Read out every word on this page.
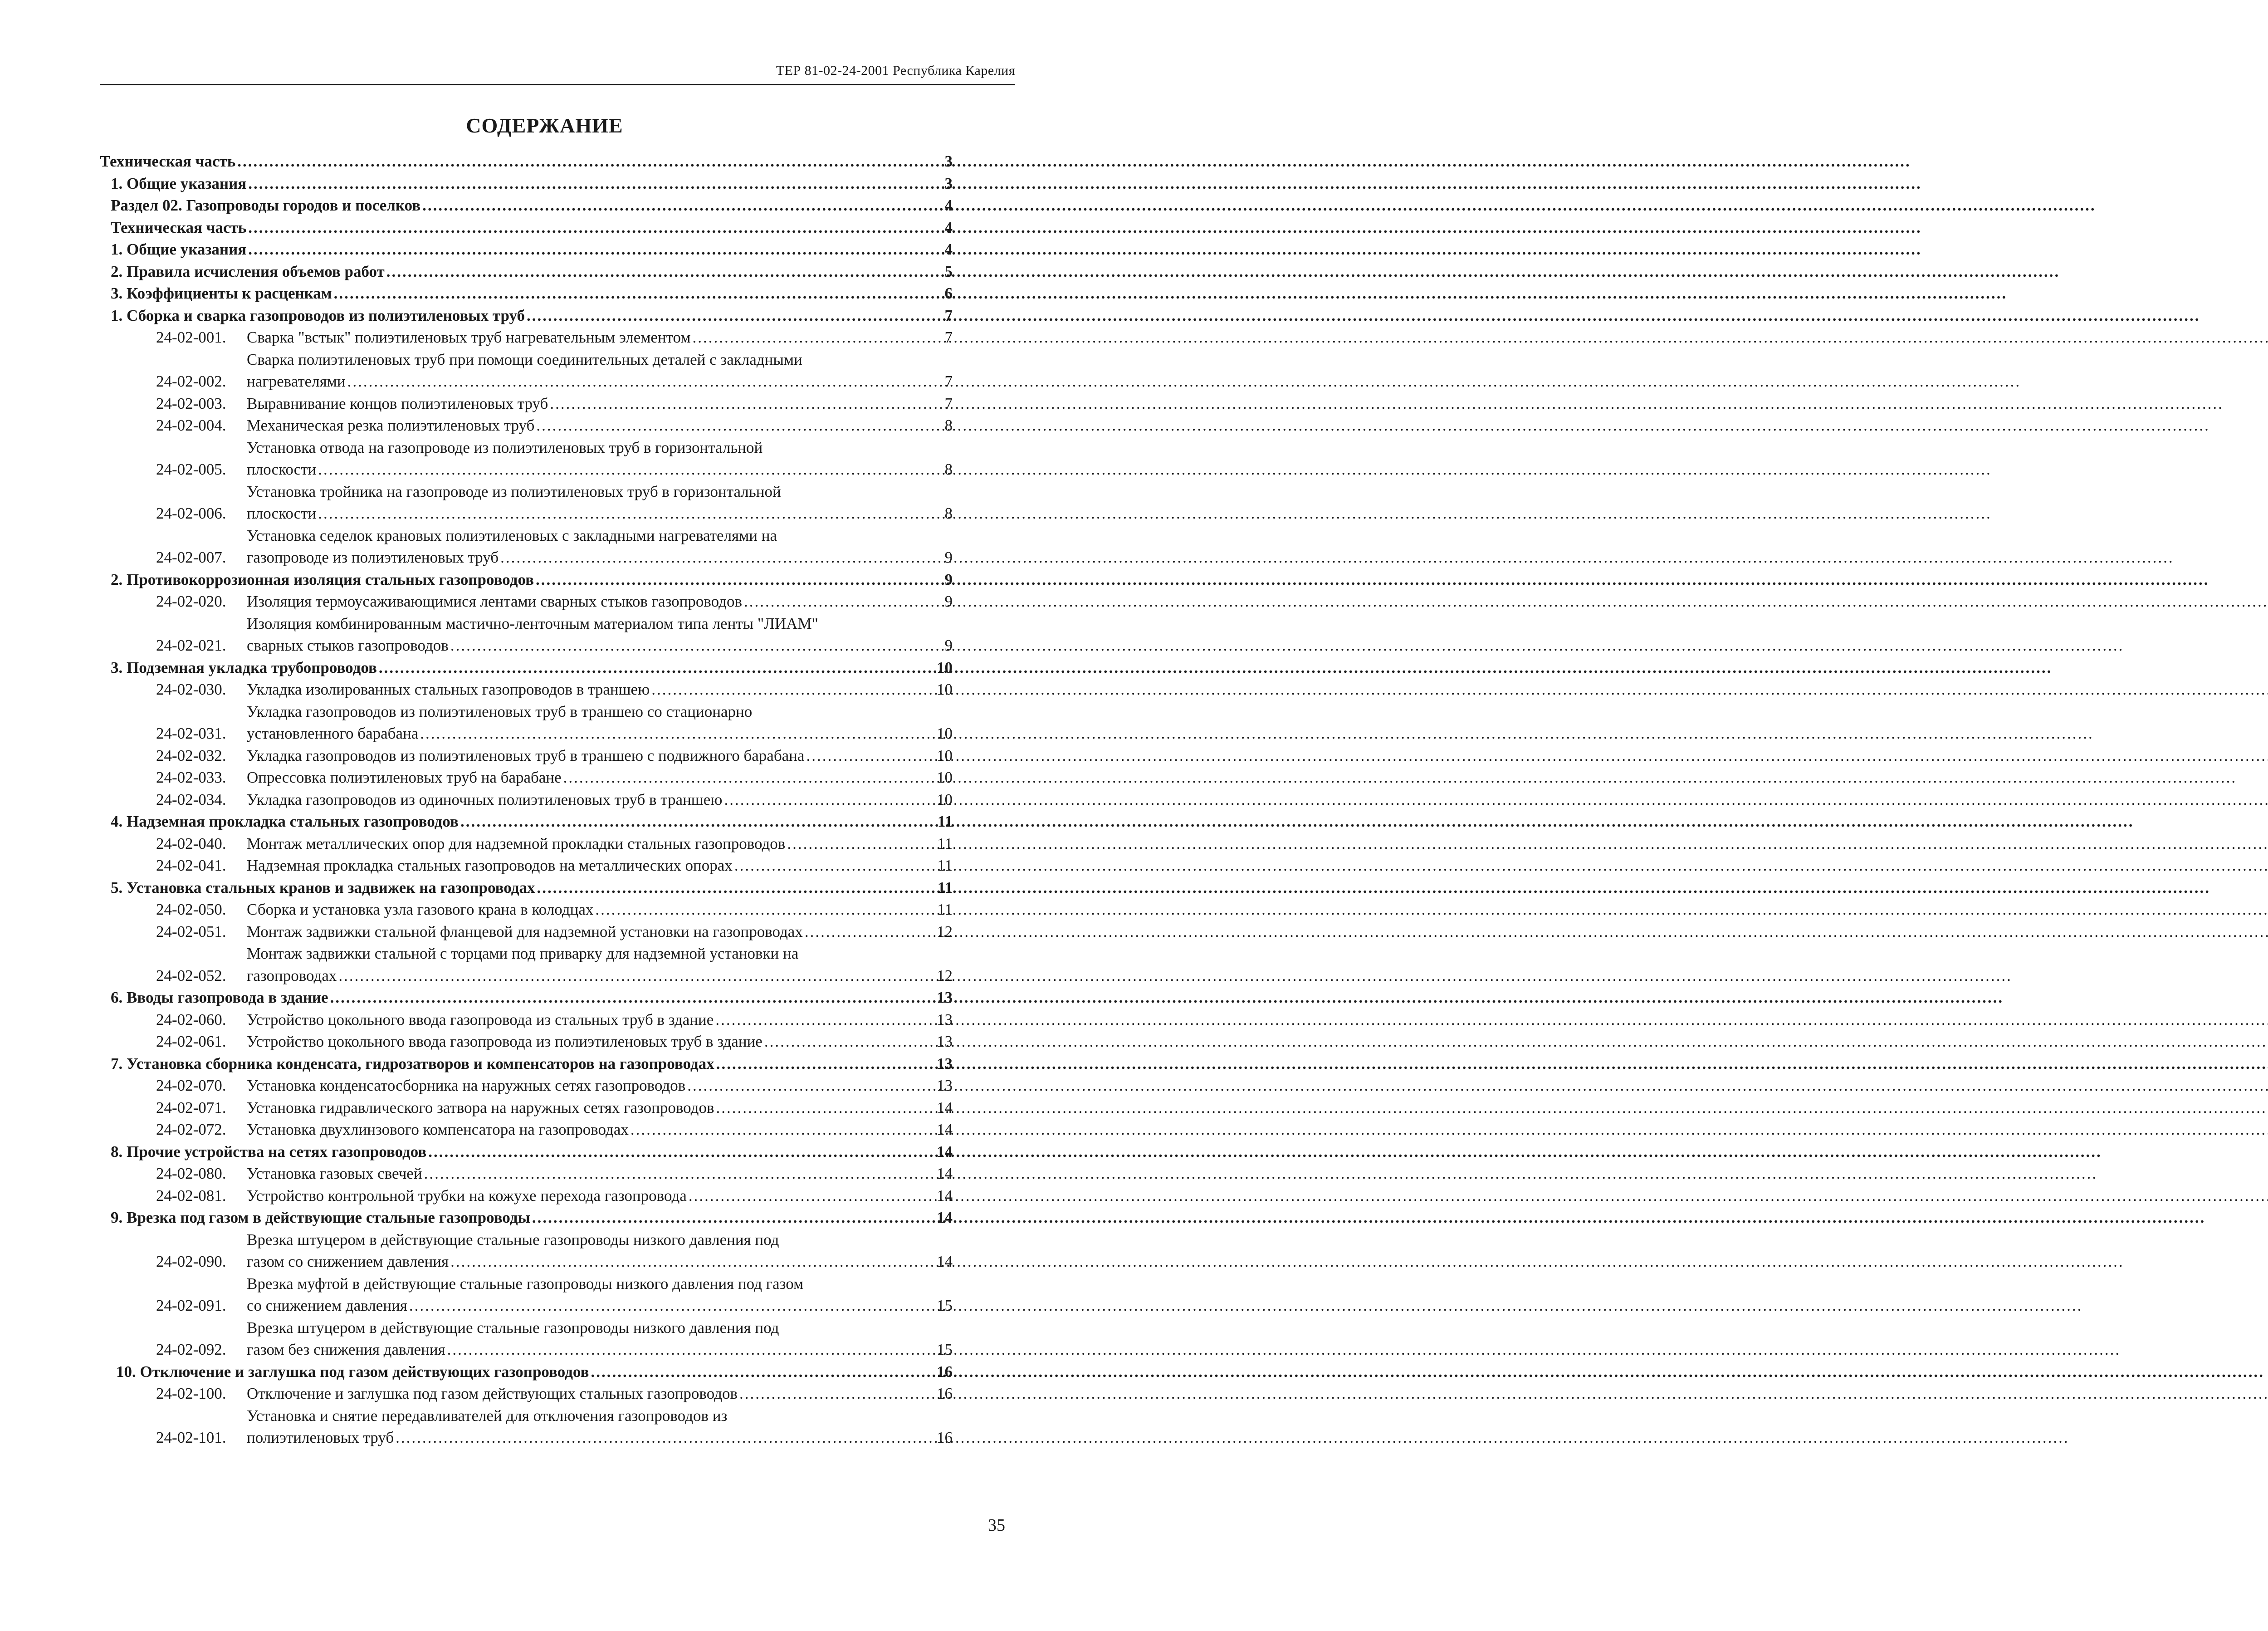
ТЕР 81-02-24-2001 Республика Карелия
СОДЕРЖАНИЕ
Техническая часть .....	3
1. Общие указания .....	3
Раздел 02. Газопроводы городов и поселков .....	4
Техническая часть .....	4
1. Общие указания .....	4
2. Правила исчисления объемов работ .....	5
3. Коэффициенты к расценкам .....	6
1. Сборка и сварка газопроводов из полиэтиленовых труб .....	7
24-02-001.	Сварка "встык" полиэтиленовых труб нагревательным элементом .....	7
24-02-002.
Сварка полиэтиленовых труб при помощи соединительных деталей с закладными
нагревателями .....	7
24-02-003.	Выравнивание концов полиэтиленовых труб .....	7
24-02-004.	Механическая резка полиэтиленовых труб .....	8
24-02-005.
Установка отвода на газопроводе из полиэтиленовых труб в горизонтальной
плоскости .....	8
24-02-006.
Установка тройника на газопроводе из полиэтиленовых труб в горизонтальной
плоскости .....	8
24-02-007.
Установка седелок крановых полиэтиленовых с закладными нагревателями на
газопроводе из полиэтиленовых труб .....	9
2. Противокоррозионная изоляция стальных газопроводов .....	9
24-02-020.	Изоляция термоусаживающимися лентами сварных стыков газопроводов .....	9
24-02-021.
Изоляция комбинированным мастично-ленточным материалом типа ленты "ЛИАМ"
сварных стыков газопроводов .....	9
3. Подземная укладка трубопроводов .....	10
24-02-030.	Укладка изолированных стальных газопроводов в траншею .....	10
24-02-031.
Укладка газопроводов из полиэтиленовых труб в траншею со стационарно
установленного барабана .....	10
24-02-032.	Укладка газопроводов из полиэтиленовых труб в траншею с подвижного барабана .....	10
24-02-033.	Опрессовка полиэтиленовых труб на барабане .....	10
24-02-034.	Укладка газопроводов из одиночных полиэтиленовых труб в траншею .....	10
4. Надземная прокладка стальных газопроводов .....	11
24-02-040.	Монтаж металлических опор для надземной прокладки стальных газопроводов .....	11
24-02-041.	Надземная прокладка стальных газопроводов на металлических опорах .....	11
5. Установка стальных кранов и задвижек на газопроводах .....	11
24-02-050.	Сборка и установка узла газового крана в колодцах .....	11
24-02-051.	Монтаж задвижки стальной фланцевой для надземной установки на газопроводах .....	12
24-02-052.
Монтаж задвижки стальной с торцами под приварку для надземной установки на
газопроводах .....	12
6. Вводы газопровода в здание .....	13
24-02-060.	Устройство цокольного ввода газопровода из стальных труб в здание .....	13
24-02-061.	Устройство цокольного ввода газопровода из полиэтиленовых труб в здание .....	13
7. Установка сборника конденсата, гидрозатворов и компенсаторов на газопроводах .....	13
24-02-070.	Установка конденсатосборника на наружных сетях газопроводов .....	13
24-02-071.	Установка гидравлического затвора на наружных сетях газопроводов .....	14
24-02-072.	Установка двухлинзового компенсатора на газопроводах .....	14
8. Прочие устройства на сетях газопроводов .....	14
24-02-080.	Установка газовых свечей .....	14
24-02-081.	Устройство контрольной трубки на кожухе перехода газопровода .....	14
9. Врезка под газом в действующие стальные газопроводы .....	14
24-02-090.
Врезка штуцером в действующие стальные газопроводы низкого давления под
газом со снижением давления .....	14
24-02-091.
Врезка муфтой в действующие стальные газопроводы низкого давления под газом
со снижением давления .....	15
24-02-092.
Врезка штуцером в действующие стальные газопроводы низкого давления под
газом без снижения давления .....	15
10. Отключение и заглушка под газом действующих газопроводов .....	16
24-02-100.	Отключение и заглушка под газом действующих стальных газопроводов .....	16
24-02-101.
Установка и снятие передавливателей для отключения газопроводов из
полиэтиленовых труб .....	16
35
